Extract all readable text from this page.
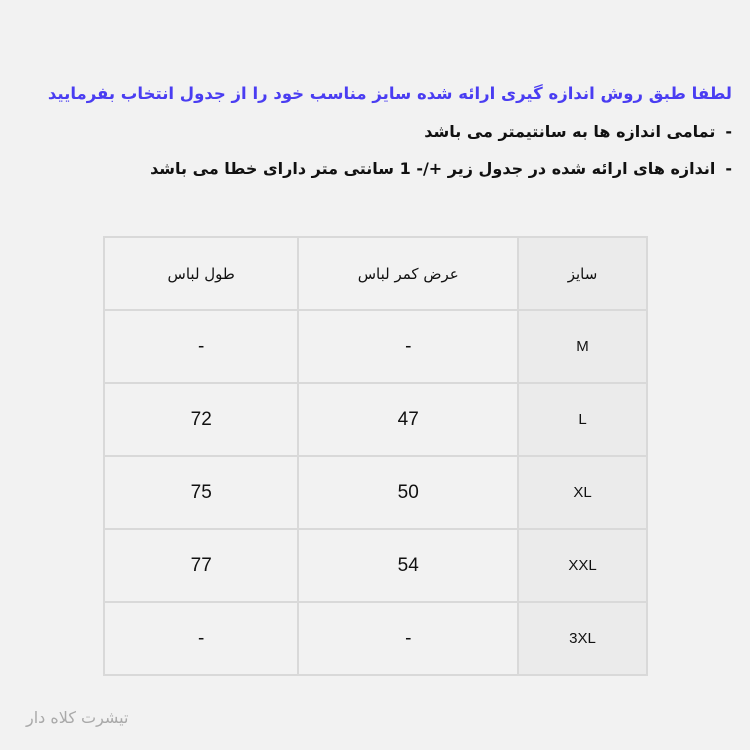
لطفا طبق روش اندازه گیری ارائه شده سایز مناسب خود را از جدول انتخاب بفرمایید

-تمامی اندازه ها به سانتیمتر می باشد

-اندازه های ارائه شده در جدول زیر +/- 1 سانتی متر دارای خطا می باشد

طول لباس	عرض کمر لباس	سایز
-	-	M
72	47	L
75	50	XL
77	54	XXL
-	-	3XL
تیشرت کلاه دار
